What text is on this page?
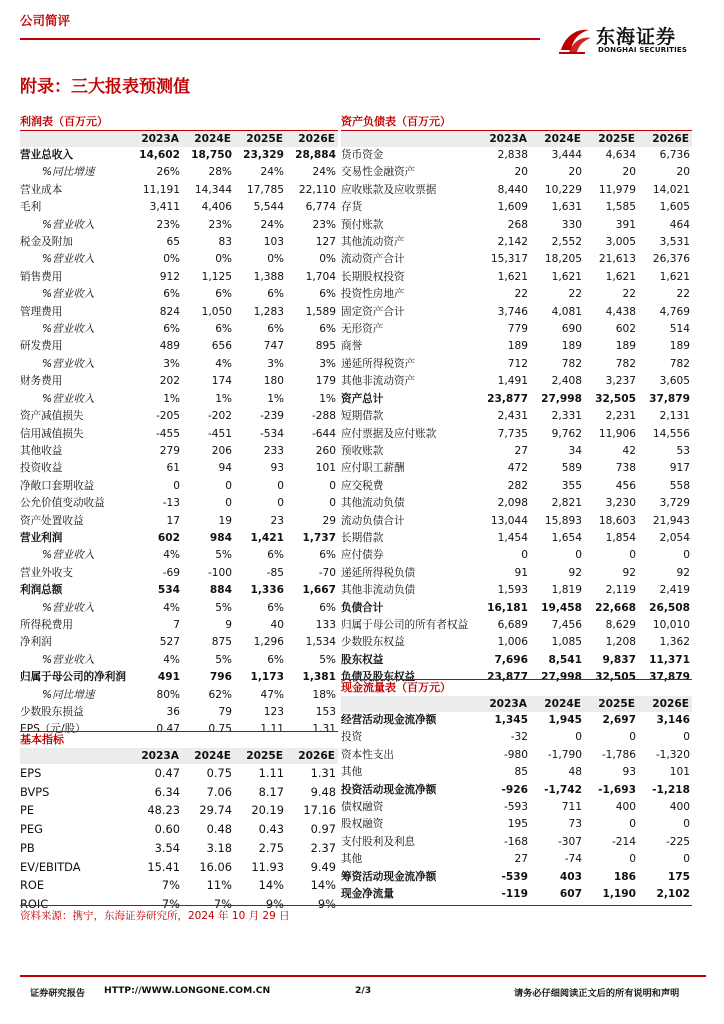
公司简评
东海证券
DONGHAI SECURITIES
附录：三大报表预测值
利润表（百万元）
	2023A	2024E	2025E	2026E
营业总收入	14,602	18,750	23,329	28,884
%同比增速	26%	28%	24%	24%
营业成本	11,191	14,344	17,785	22,110
毛利	3,411	4,406	5,544	6,774
%营业收入	23%	23%	24%	23%
税金及附加	65	83	103	127
%营业收入	0%	0%	0%	0%
销售费用	912	1,125	1,388	1,704
%营业收入	6%	6%	6%	6%
管理费用	824	1,050	1,283	1,589
%营业收入	6%	6%	6%	6%
研发费用	489	656	747	895
%营业收入	3%	4%	3%	3%
财务费用	202	174	180	179
%营业收入	1%	1%	1%	1%
资产减值损失	-205	-202	-239	-288
信用减值损失	-455	-451	-534	-644
其他收益	279	206	233	260
投资收益	61	94	93	101
净敞口套期收益	0	0	0	0
公允价值变动收益	-13	0	0	0
资产处置收益	17	19	23	29
营业利润	602	984	1,421	1,737
%营业收入	4%	5%	6%	6%
营业外收支	-69	-100	-85	-70
利润总额	534	884	1,336	1,667
%营业收入	4%	5%	6%	6%
所得税费用	7	9	40	133
净利润	527	875	1,296	1,534
%营业收入	4%	5%	6%	5%
归属于母公司的净利润	491	796	1,173	1,381
%同比增速	80%	62%	47%	18%
少数股东损益	36	79	123	153
EPS（元/股）	0.47	0.75	1.11	1.31
基本指标
	2023A	2024E	2025E	2026E
EPS	0.47	0.75	1.11	1.31
BVPS	6.34	7.06	8.17	9.48
PE	48.23	29.74	20.19	17.16
PEG	0.60	0.48	0.43	0.97
PB	3.54	3.18	2.75	2.37
EV/EBITDA	15.41	16.06	11.93	9.49
ROE	7%	11%	14%	14%
ROIC	7%	7%	9%	9%
资产负债表（百万元）
	2023A	2024E	2025E	2026E
货币资金	2,838	3,444	4,634	6,736
交易性金融资产	20	20	20	20
应收账款及应收票据	8,440	10,229	11,979	14,021
存货	1,609	1,631	1,585	1,605
预付账款	268	330	391	464
其他流动资产	2,142	2,552	3,005	3,531
流动资产合计	15,317	18,205	21,613	26,376
长期股权投资	1,621	1,621	1,621	1,621
投资性房地产	22	22	22	22
固定资产合计	3,746	4,081	4,438	4,769
无形资产	779	690	602	514
商誉	189	189	189	189
递延所得税资产	712	782	782	782
其他非流动资产	1,491	2,408	3,237	3,605
资产总计	23,877	27,998	32,505	37,879
短期借款	2,431	2,331	2,231	2,131
应付票据及应付账款	7,735	9,762	11,906	14,556
预收账款	27	34	42	53
应付职工薪酬	472	589	738	917
应交税费	282	355	456	558
其他流动负债	2,098	2,821	3,230	3,729
流动负债合计	13,044	15,893	18,603	21,943
长期借款	1,454	1,654	1,854	2,054
应付债券	0	0	0	0
递延所得税负债	91	92	92	92
其他非流动负债	1,593	1,819	2,119	2,419
负债合计	16,181	19,458	22,668	26,508
归属于母公司的所有者权益	6,689	7,456	8,629	10,010
少数股东权益	1,006	1,085	1,208	1,362
股东权益	7,696	8,541	9,837	11,371
负债及股东权益	23,877	27,998	32,505	37,879
现金流量表（百万元）
	2023A	2024E	2025E	2026E
经营活动现金流净额	1,345	1,945	2,697	3,146
投资	-32	0	0	0
资本性支出	-980	-1,790	-1,786	-1,320
其他	85	48	93	101
投资活动现金流净额	-926	-1,742	-1,693	-1,218
债权融资	-593	711	400	400
股权融资	195	73	0	0
支付股利及利息	-168	-307	-214	-225
其他	27	-74	0	0
筹资活动现金流净额	-539	403	186	175
现金净流量	-119	607	1,190	2,102
资料来源：携宁，东海证券研究所，2024 年 10 月 29 日
证券研究报告 HTTP://WWW.LONGONE.COM.CN	2/3	请务必仔细阅读正文后的所有说明和声明
